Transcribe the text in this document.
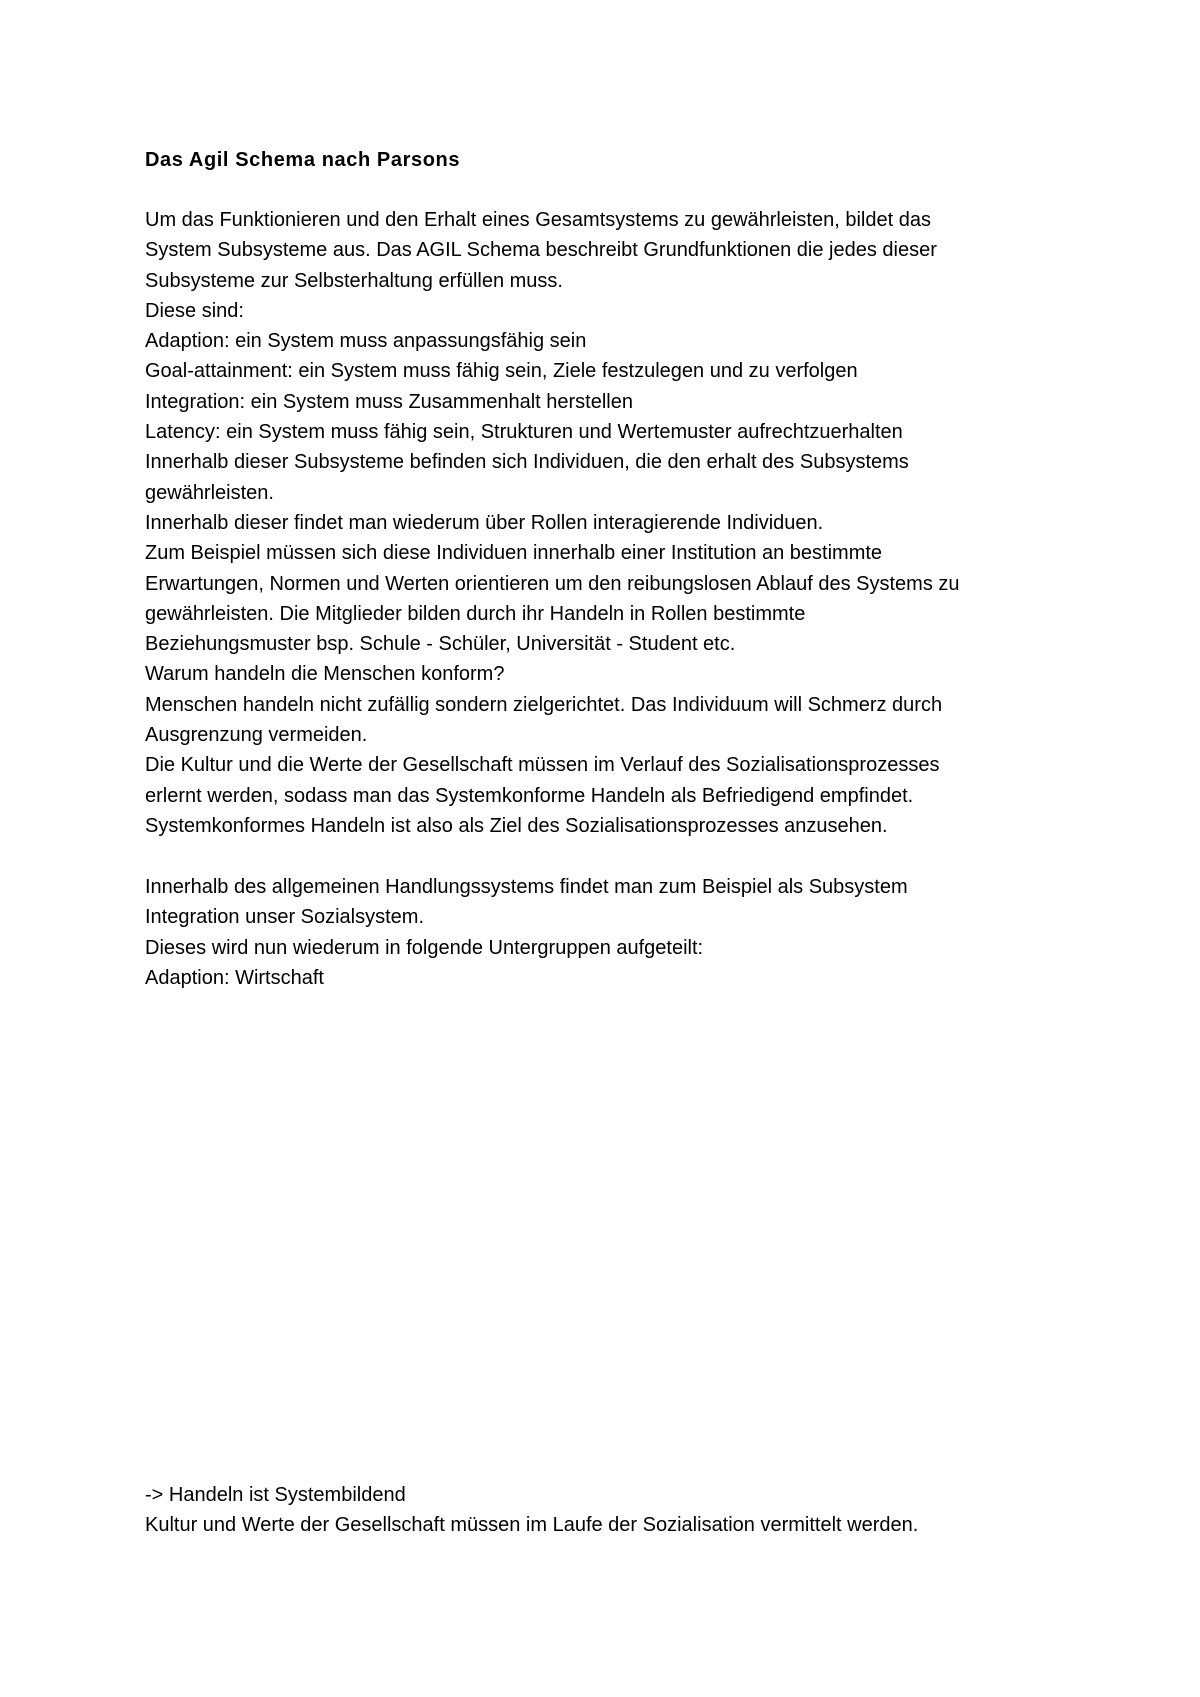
Das Agil Schema nach Parsons

Um das Funktionieren und den Erhalt eines Gesamtsystems zu gewährleisten, bildet das

System Subsysteme aus. Das AGIL Schema beschreibt Grundfunktionen die jedes dieser

Subsysteme zur Selbsterhaltung erfüllen muss.

Diese sind:

Adaption: ein System muss anpassungsfähig sein

Goal-attainment: ein System muss fähig sein, Ziele festzulegen und zu verfolgen

Integration: ein System muss Zusammenhalt herstellen

Latency: ein System muss fähig sein, Strukturen und Wertemuster aufrechtzuerhalten

Innerhalb dieser Subsysteme befinden sich Individuen, die den erhalt des Subsystems

gewährleisten.

Innerhalb dieser findet man wiederum über Rollen interagierende Individuen.

Zum Beispiel müssen sich diese Individuen innerhalb einer Institution an bestimmte

Erwartungen, Normen und Werten orientieren um den reibungslosen Ablauf des Systems zu

gewährleisten. Die Mitglieder bilden durch ihr Handeln in Rollen bestimmte

Beziehungsmuster bsp. Schule - Schüler, Universität - Student etc.

Warum handeln die Menschen konform?

Menschen handeln nicht zufällig sondern zielgerichtet. Das Individuum will Schmerz durch

Ausgrenzung vermeiden.

Die Kultur und die Werte der Gesellschaft müssen im Verlauf des Sozialisationsprozesses

erlernt werden, sodass man das Systemkonforme Handeln als Befriedigend empfindet.

Systemkonformes Handeln ist also als Ziel des Sozialisationsprozesses anzusehen.

Innerhalb des allgemeinen Handlungssystems findet man zum Beispiel als Subsystem

Integration unser Sozialsystem.

Dieses wird nun wiederum in folgende Untergruppen aufgeteilt:

Adaption: Wirtschaft

-> Handeln ist Systembildend

Kultur und Werte der Gesellschaft müssen im Laufe der Sozialisation vermittelt werden.
